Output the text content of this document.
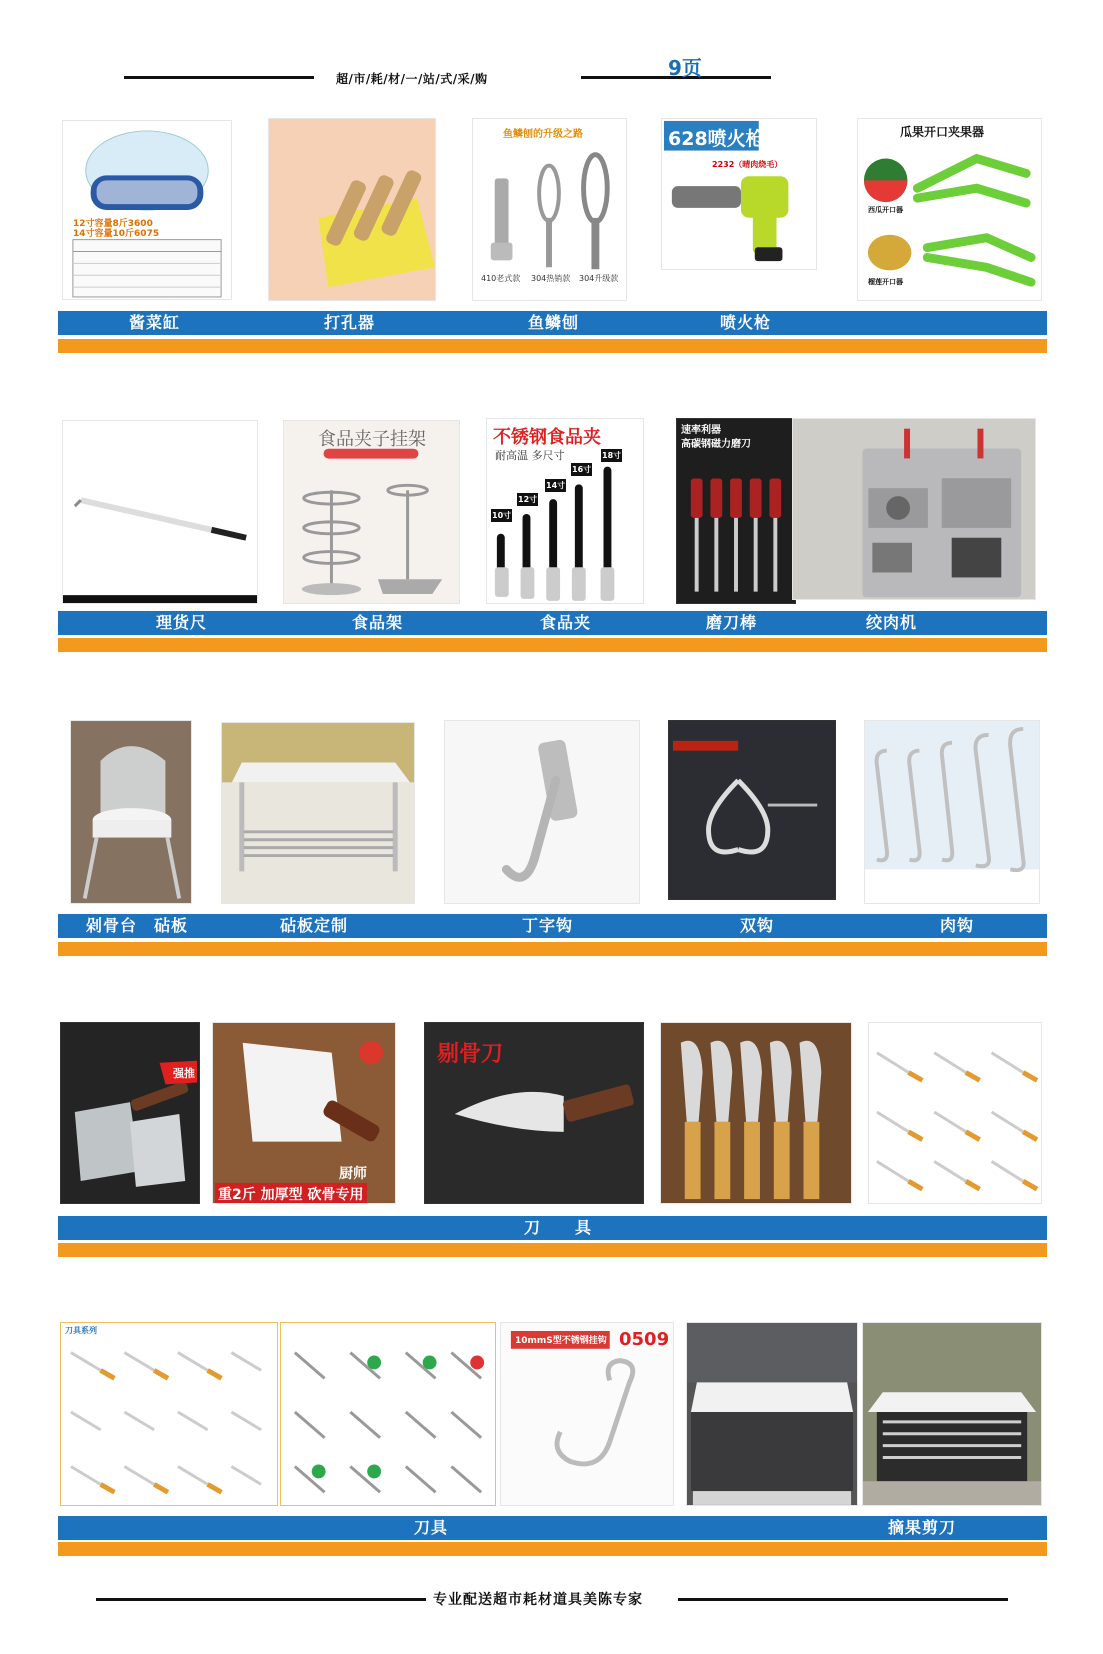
超/市/耗/材/一/站/式/采/购	9页
12寸容量8斤3600
14寸容量10斤6075
鱼鳞刨的升级之路
410老式款 304热销款 304升级款
628喷火枪
2232（晴肉烧毛）
瓜果开口夹果器
西瓜开口器
榴莲开口器
酱菜缸	打孔器	鱼鳞刨	喷火枪
食品夹子挂架	不锈钢食品夹
耐高温 多尺寸
10寸
12寸
14寸
16寸
18寸
速率利器
高碳钢磁力磨刀
理货尺	食品架	食品夹	磨刀棒	绞肉机
剁骨台　砧板	砧板定制	丁字钩	双钩	肉钩
强推
厨师
重2斤 加厚型 砍骨专用
剔骨刀
刀　　具
刀具系列
10mmS型不锈钢挂钩 0509
刀具	摘果剪刀
专业配送超市耗材道具美陈专家
